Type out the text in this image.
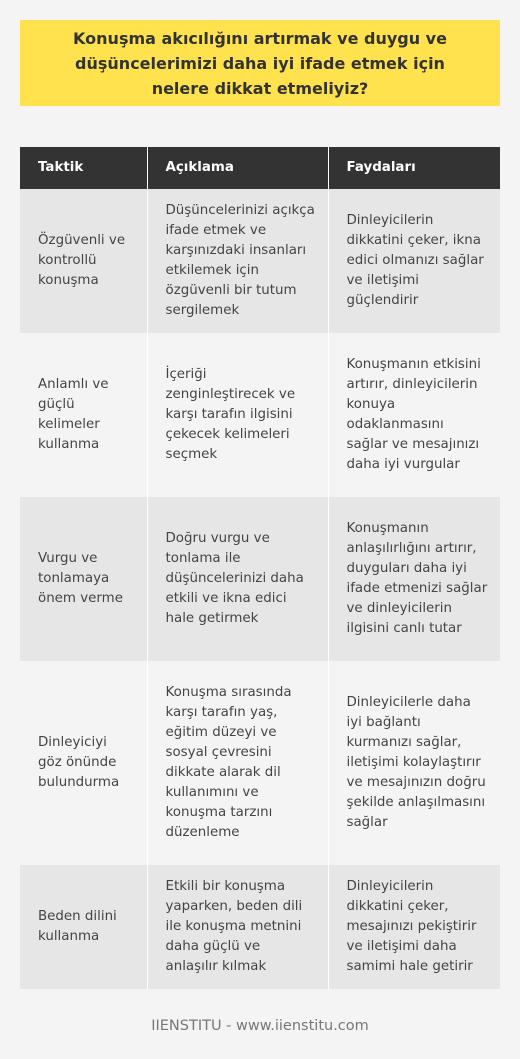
Konuşma akıcılığını artırmak ve duygu ve düşüncelerimizi daha iyi ifade etmek için nelere dikkat etmeliyiz?
Taktik	Açıklama	Faydaları
Özgüvenli ve kontrollü konuşma	Düşüncelerinizi açıkça ifade etmek ve karşınızdaki insanları etkilemek için özgüvenli bir tutum sergilemek	Dinleyicilerin dikkatini çeker, ikna edici olmanızı sağlar ve iletişimi güçlendirir
Anlamlı ve güçlü kelimeler kullanma	İçeriği zenginleştirecek ve karşı tarafın ilgisini çekecek kelimeleri seçmek	Konuşmanın etkisini artırır, dinleyicilerin konuya odaklanmasını sağlar ve mesajınızı daha iyi vurgular
Vurgu ve tonlamaya önem verme	Doğru vurgu ve tonlama ile düşüncelerinizi daha etkili ve ikna edici hale getirmek	Konuşmanın anlaşılırlığını artırır, duyguları daha iyi ifade etmenizi sağlar ve dinleyicilerin ilgisini canlı tutar
Dinleyiciyi göz önünde bulundurma	Konuşma sırasında karşı tarafın yaş, eğitim düzeyi ve sosyal çevresini dikkate alarak dil kullanımını ve konuşma tarzını düzenleme	Dinleyicilerle daha iyi bağlantı kurmanızı sağlar, iletişimi kolaylaştırır ve mesajınızın doğru şekilde anlaşılmasını sağlar
Beden dilini kullanma	Etkili bir konuşma yaparken, beden dili ile konuşma metnini daha güçlü ve anlaşılır kılmak	Dinleyicilerin dikkatini çeker, mesajınızı pekiştirir ve iletişimi daha samimi hale getirir
IIENSTITU - www.iienstitu.com
